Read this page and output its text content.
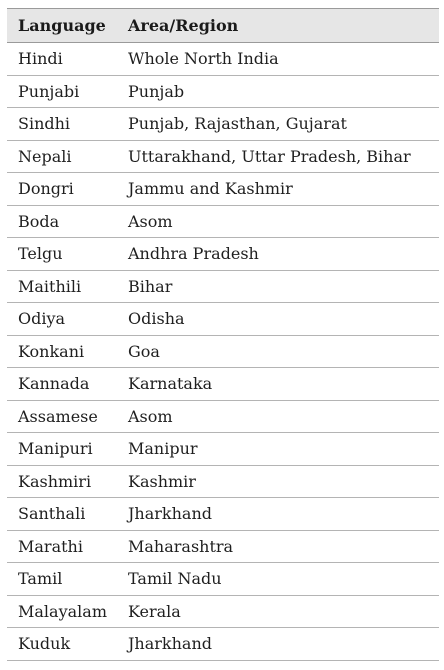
Language	Area/Region
Hindi	Whole North India
Punjabi	Punjab
Sindhi	Punjab, Rajasthan, Gujarat
Nepali	Uttarakhand, Uttar Pradesh, Bihar
Dongri	Jammu and Kashmir
Boda	Asom
Telgu	Andhra Pradesh
Maithili	Bihar
Odiya	Odisha
Konkani	Goa
Kannada	Karnataka
Assamese	Asom
Manipuri	Manipur
Kashmiri	Kashmir
Santhali	Jharkhand
Marathi	Maharashtra
Tamil	Tamil Nadu
Malayalam	Kerala
Kuduk	Jharkhand
